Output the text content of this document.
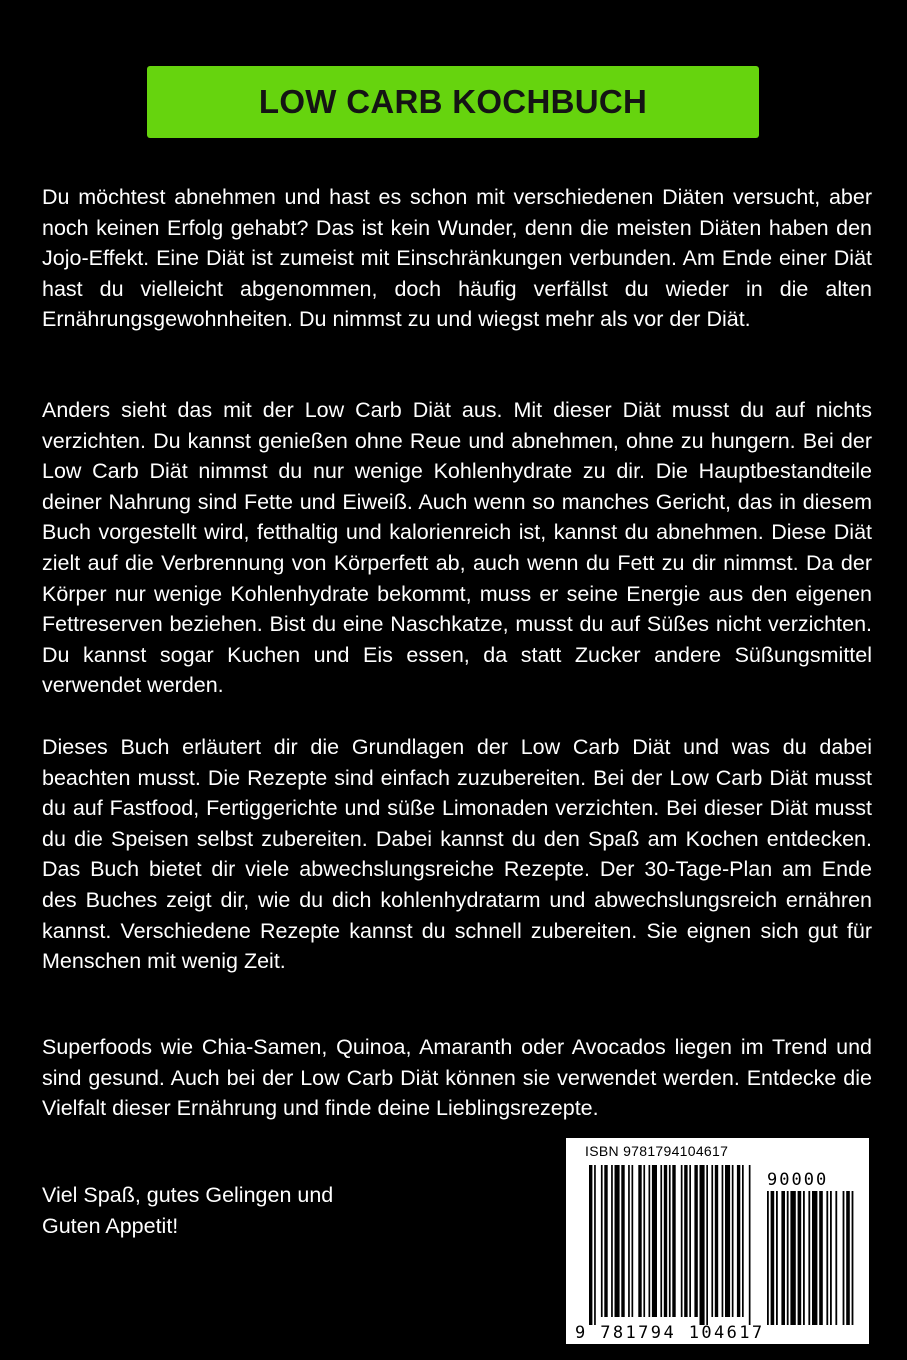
LOW CARB KOCHBUCH

Du möchtest abnehmen und hast es schon mit verschiedenen Diäten versucht, aber noch keinen Erfolg gehabt? Das ist kein Wunder, denn die meisten Diäten haben den Jojo-Effekt. Eine Diät ist zumeist mit Einschränkungen verbunden. Am Ende einer Diät hast du vielleicht abgenommen, doch häufig verfällst du wieder in die alten Ernährungsgewohnheiten. Du nimmst zu und wiegst mehr als vor der Diät.

Anders sieht das mit der Low Carb Diät aus. Mit dieser Diät musst du auf nichts verzichten. Du kannst genießen ohne Reue und abnehmen, ohne zu hungern. Bei der Low Carb Diät nimmst du nur wenige Kohlenhydrate zu dir. Die Hauptbestandteile deiner Nahrung sind Fette und Eiweiß. Auch wenn so manches Gericht, das in diesem Buch vorgestellt wird, fetthaltig und kalorienreich ist, kannst du abnehmen. Diese Diät zielt auf die Verbrennung von Körperfett ab, auch wenn du Fett zu dir nimmst. Da der Körper nur wenige Kohlenhydrate bekommt, muss er seine Energie aus den eigenen Fettreserven beziehen. Bist du eine Naschkatze, musst du auf Süßes nicht verzichten. Du kannst sogar Kuchen und Eis essen, da statt Zucker andere Süßungsmittel verwendet werden.

Dieses Buch erläutert dir die Grundlagen der Low Carb Diät und was du dabei beachten musst. Die Rezepte sind einfach zuzubereiten. Bei der Low Carb Diät musst du auf Fastfood, Fertiggerichte und süße Limonaden verzichten. Bei dieser Diät musst du die Speisen selbst zubereiten. Dabei kannst du den Spaß am Kochen entdecken. Das Buch bietet dir viele abwechslungsreiche Rezepte. Der 30-Tage-Plan am Ende des Buches zeigt dir, wie du dich kohlenhydratarm und abwechslungsreich ernähren kannst. Verschiedene Rezepte kannst du schnell zubereiten. Sie eignen sich gut für Menschen mit wenig Zeit.

Superfoods wie Chia-Samen, Quinoa, Amaranth oder Avocados liegen im Trend und sind gesund. Auch bei der Low Carb Diät können sie verwendet werden. Entdecke die Vielfalt dieser Ernährung und finde deine Lieblingsrezepte.

Viel Spaß, gutes Gelingen und

Guten Appetit!

ISBN 9781794104617
90000
9 781794 104617
